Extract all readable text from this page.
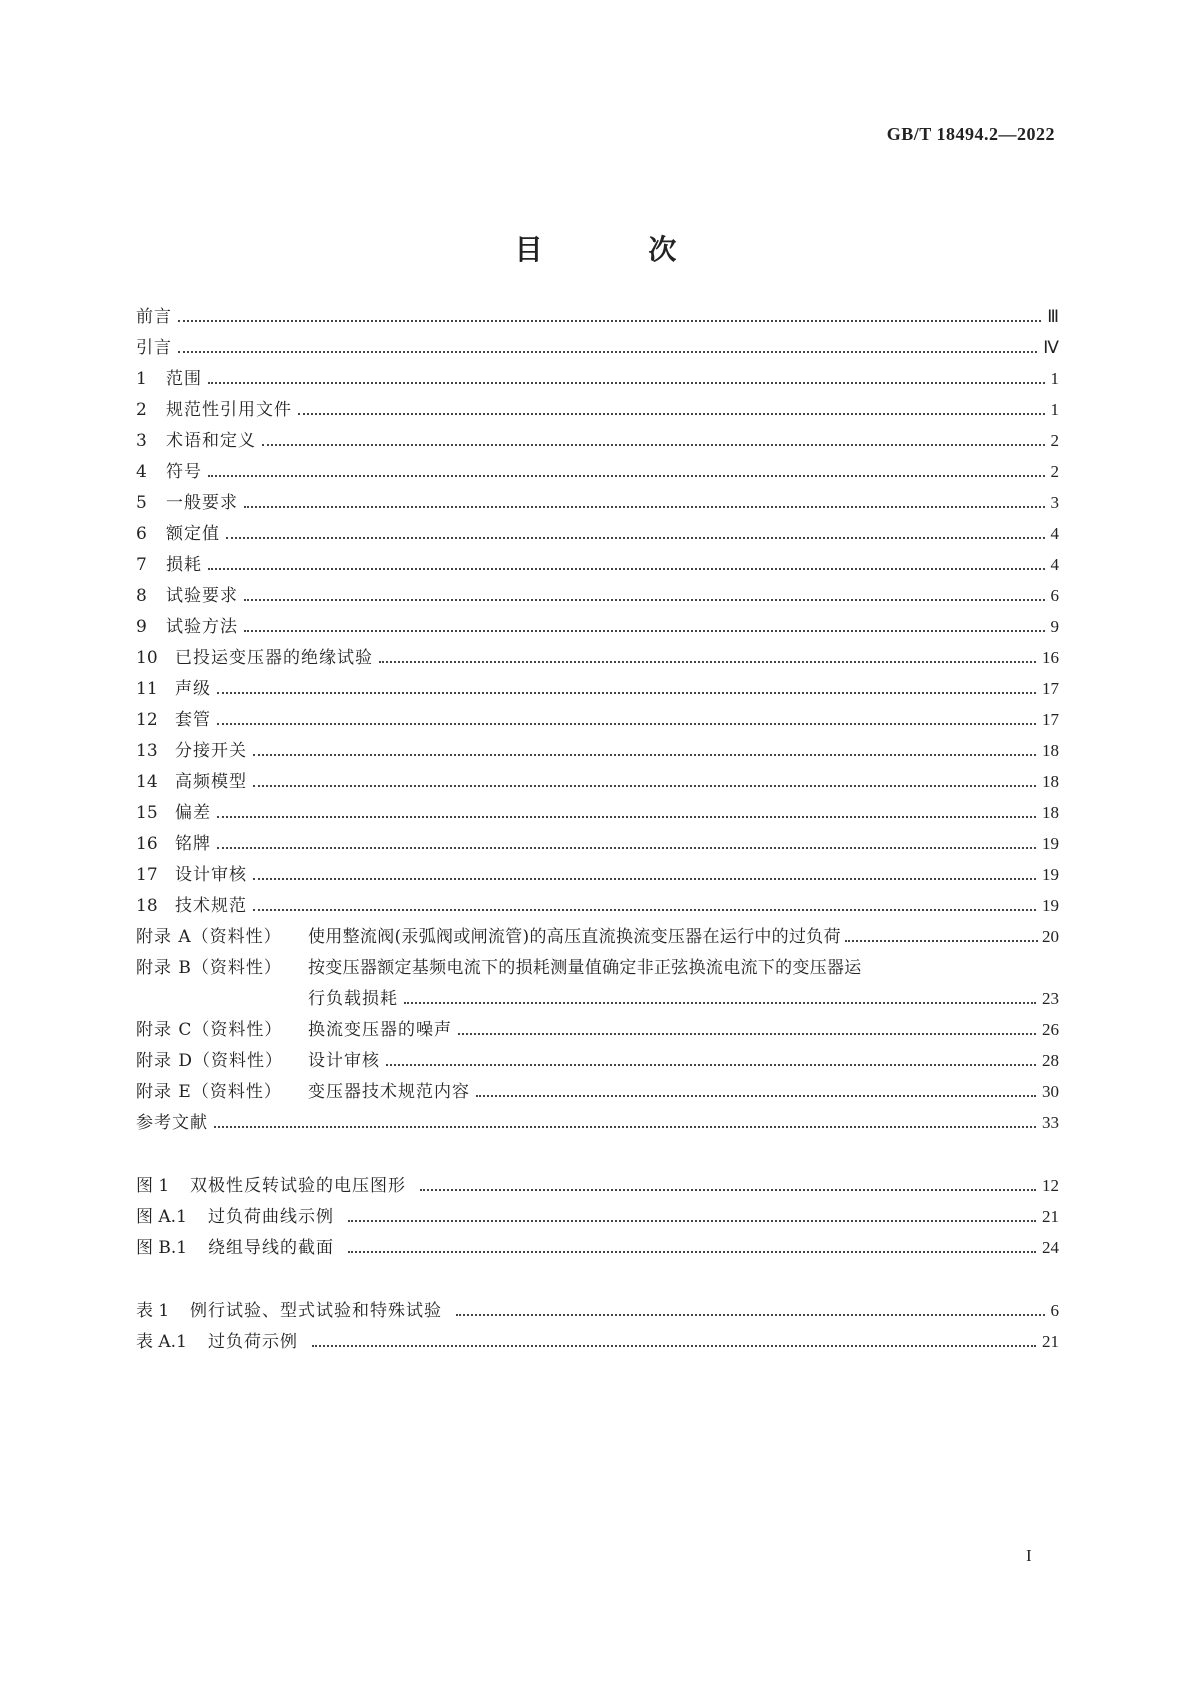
GB/T 18494.2—2022
目 次
前言	Ⅲ
引言	Ⅳ
1	范围	1
2	规范性引用文件	1
3	术语和定义	2
4	符号	2
5	一般要求	3
6	额定值	4
7	损耗	4
8	试验要求	6
9	试验方法	9
10	已投运变压器的绝缘试验	16
11	声级	17
12	套管	17
13	分接开关	18
14	高频模型	18
15	偏差	18
16	铭牌	19
17	设计审核	19
18	技术规范	19
附录 A（资料性）	使用整流阀(汞弧阀或闸流管)的高压直流换流变压器在运行中的过负荷	20
附录 B（资料性）	按变压器额定基频电流下的损耗测量值确定非正弦换流电流下的变压器运
行负载损耗	23
附录 C（资料性）	换流变压器的噪声	26
附录 D（资料性）	设计审核	28
附录 E（资料性）	变压器技术规范内容	30
参考文献	33
图 1	双极性反转试验的电压图形	12
图 A.1	过负荷曲线示例	21
图 B.1	绕组导线的截面	24
表 1	例行试验、型式试验和特殊试验	6
表 A.1	过负荷示例	21
I
